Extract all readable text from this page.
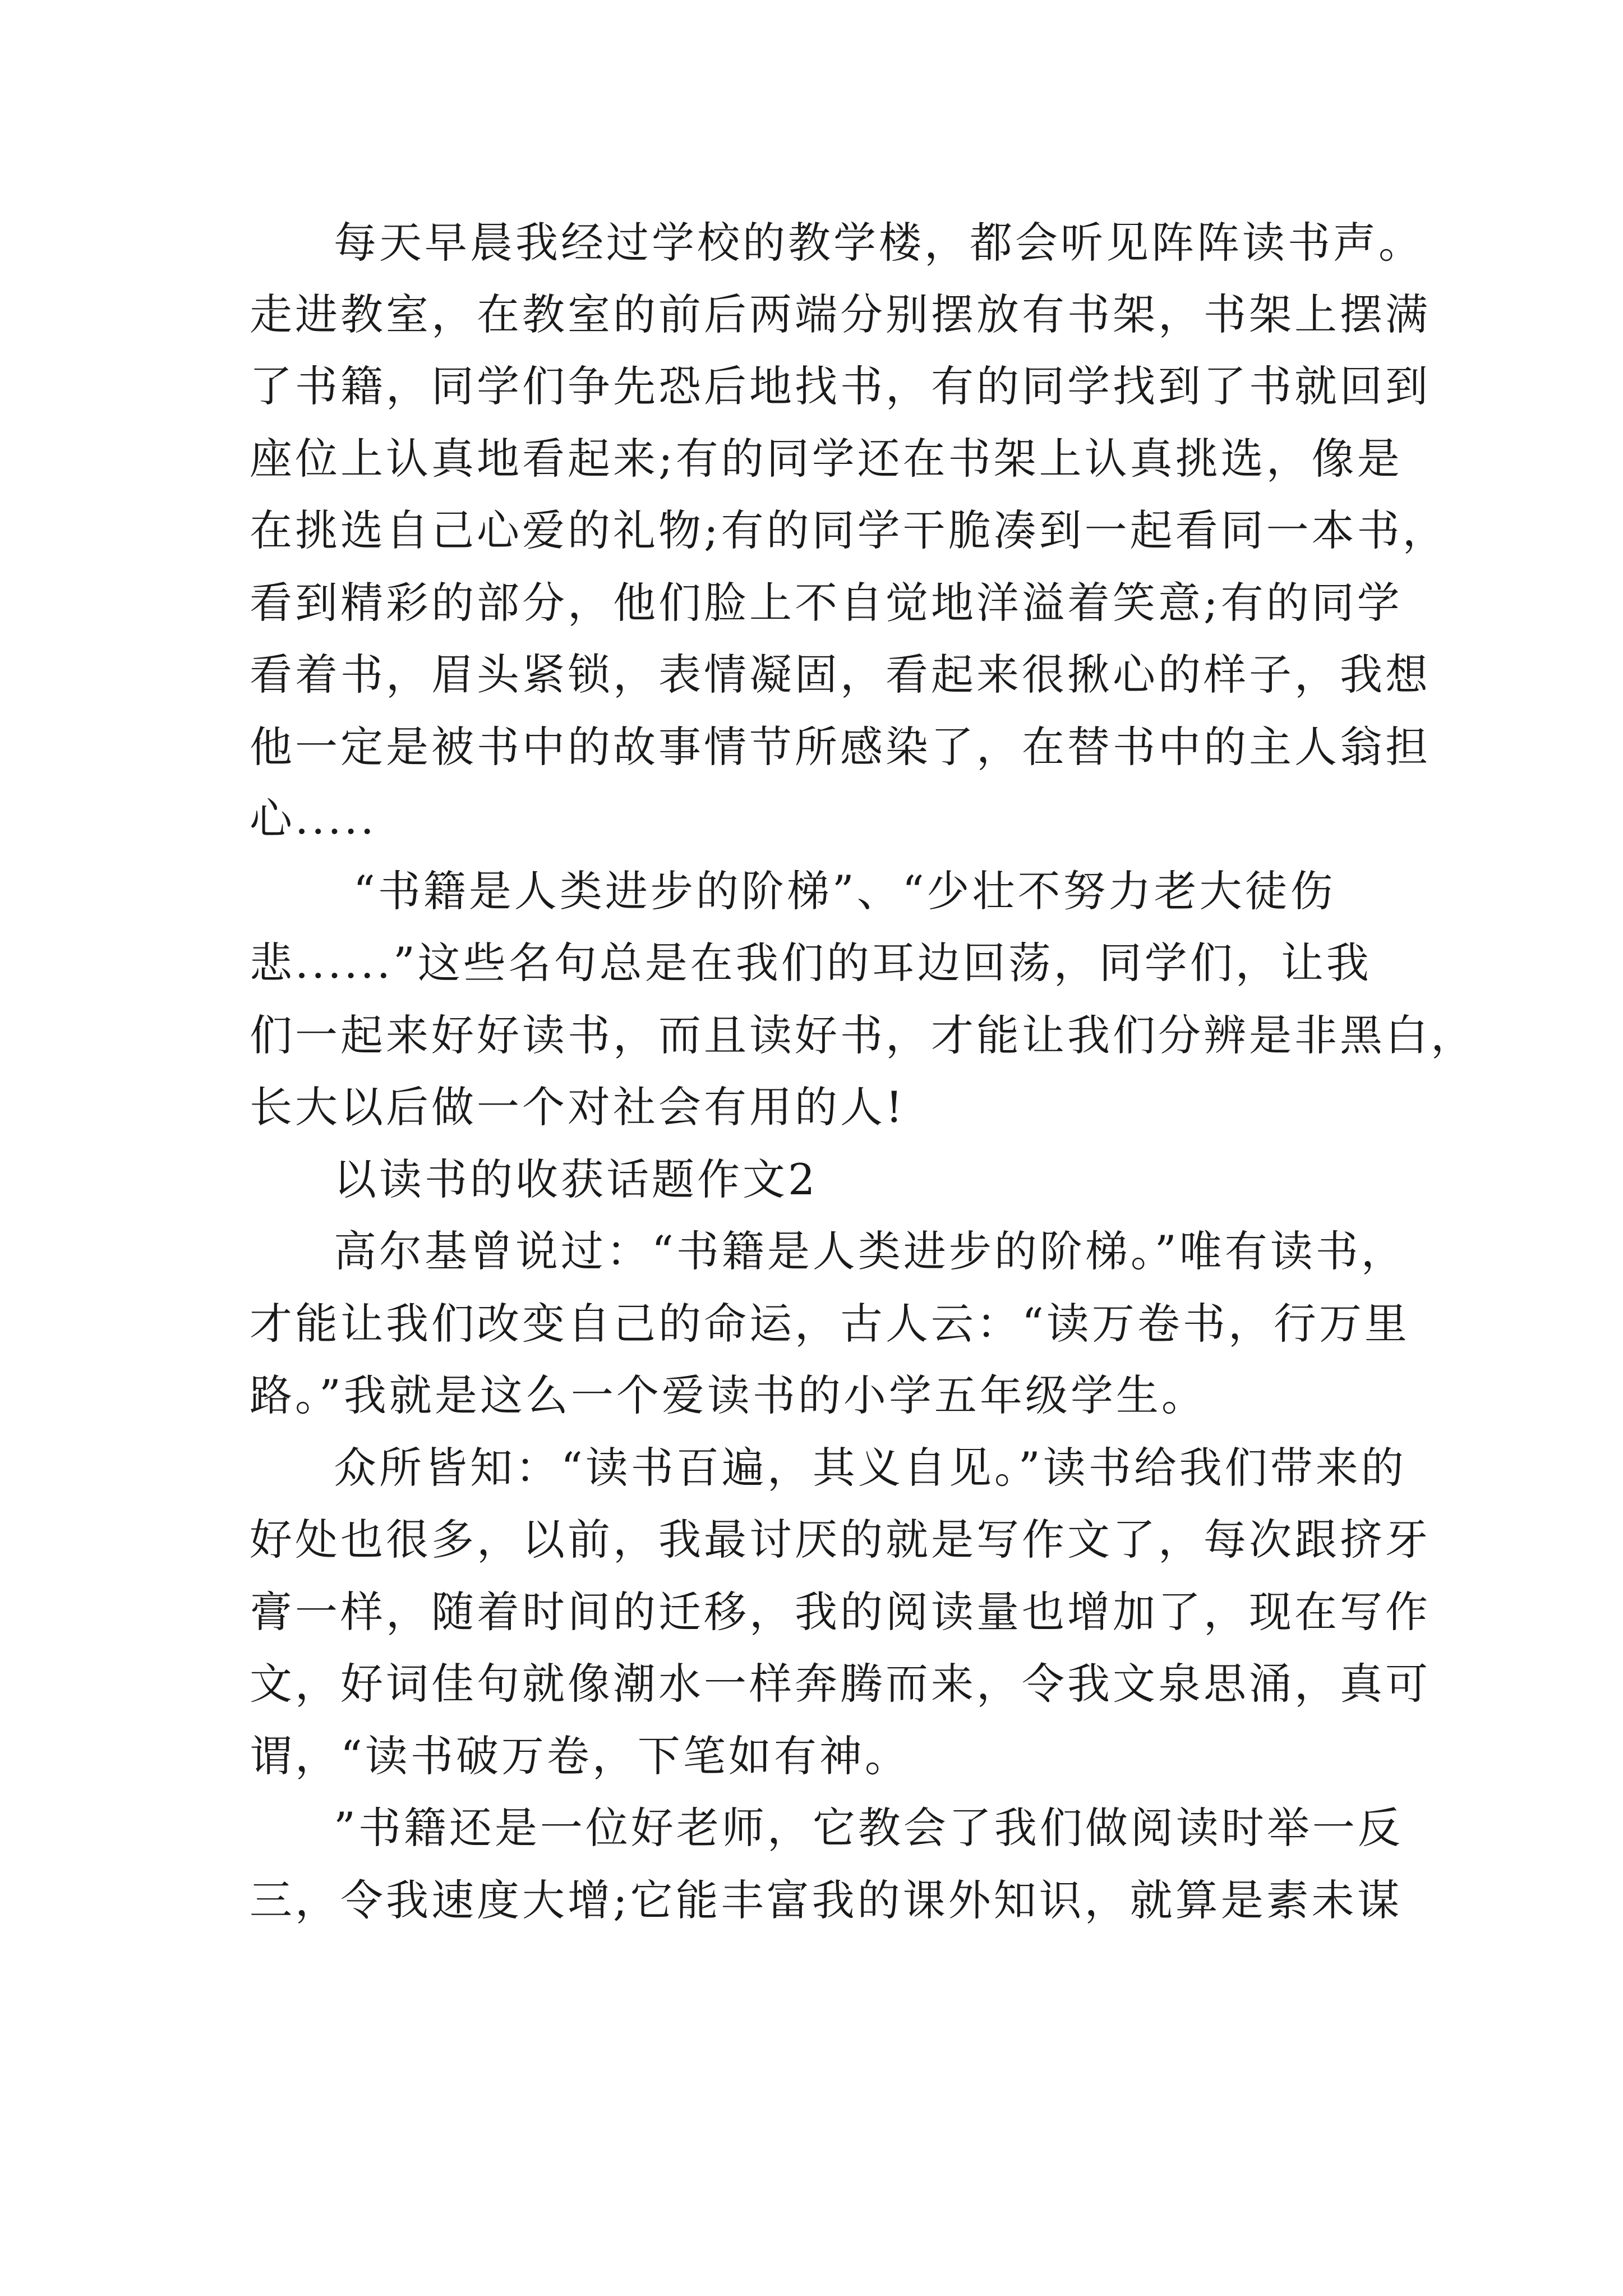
每天早晨我经过学校的教学楼，都会听见阵阵读书声。

走进教室，在教室的前后两端分别摆放有书架，书架上摆满

了书籍，同学们争先恐后地找书，有的同学找到了书就回到

座位上认真地看起来;有的同学还在书架上认真挑选，像是

在挑选自己心爱的礼物;有的同学干脆凑到一起看同一本书，

看到精彩的部分，他们脸上不自觉地洋溢着笑意;有的同学

看着书，眉头紧锁，表情凝固，看起来很揪心的样子，我想

他一定是被书中的故事情节所感染了，在替书中的主人翁担

心.....

“书籍是人类进步的阶梯”、“少壮不努力老大徒伤

悲......”这些名句总是在我们的耳边回荡，同学们，让我

们一起来好好读书，而且读好书，才能让我们分辨是非黑白，

长大以后做一个对社会有用的人!

以读书的收获话题作文2

高尔基曾说过：“书籍是人类进步的阶梯。”唯有读书，

才能让我们改变自己的命运，古人云：“读万卷书，行万里

路。”我就是这么一个爱读书的小学五年级学生。

众所皆知：“读书百遍，其义自见。”读书给我们带来的

好处也很多，以前，我最讨厌的就是写作文了，每次跟挤牙

膏一样，随着时间的迁移，我的阅读量也增加了，现在写作

文，好词佳句就像潮水一样奔腾而来，令我文泉思涌，真可

谓，“读书破万卷，下笔如有神。

”书籍还是一位好老师，它教会了我们做阅读时举一反

三，令我速度大增;它能丰富我的课外知识，就算是素未谋
